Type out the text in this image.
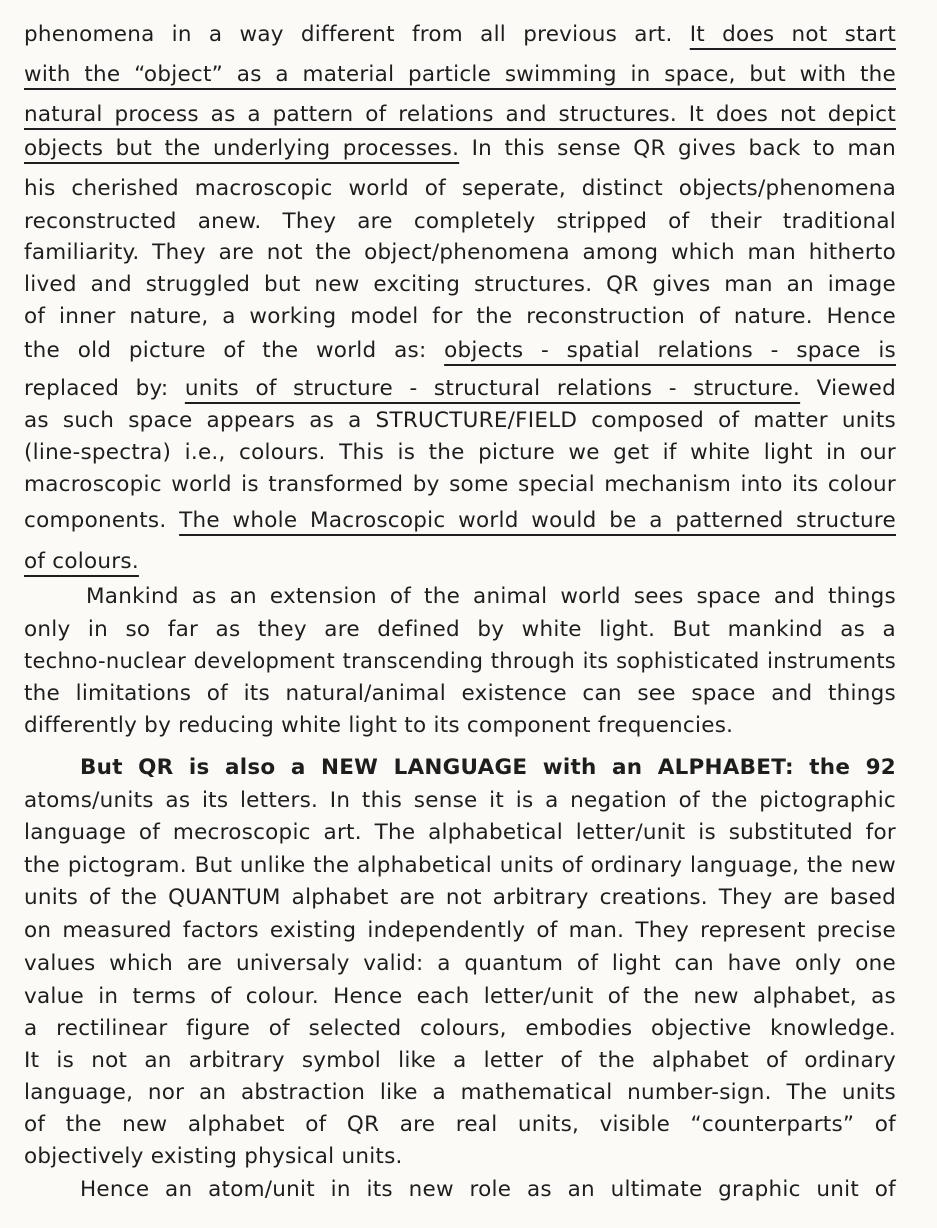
phenomena in a way different from all previous art. It does not start
with the “object” as a material particle swimming in space, but with the
natural process as a pattern of relations and structures. It does not depict
objects but the underlying processes. In this sense QR gives back to man
his cherished macroscopic world of seperate, distinct objects/phenomena
reconstructed anew. They are completely stripped of their traditional
familiarity. They are not the object/phenomena among which man hitherto
lived and struggled but new exciting structures. QR gives man an image
of inner nature, a working model for the reconstruction of nature. Hence
the old picture of the world as: objects - spatial relations - space is
replaced by: units of structure - structural relations - structure. Viewed
as such space appears as a STRUCTURE/FIELD composed of matter units
(line-spectra) i.e., colours. This is the picture we get if white light in our
macroscopic world is transformed by some special mechanism into its colour
components. The whole Macroscopic world would be a patterned structure
of colours.
Mankind as an extension of the animal world sees space and things
only in so far as they are defined by white light. But mankind as a
techno-nuclear development transcending through its sophisticated instruments
the limitations of its natural/animal existence can see space and things
differently by reducing white light to its component frequencies.
But QR is also a NEW LANGUAGE with an ALPHABET: the 92
atoms/units as its letters. In this sense it is a negation of the pictographic
language of mecroscopic art. The alphabetical letter/unit is substituted for
the pictogram. But unlike the alphabetical units of ordinary language, the new
units of the QUANTUM alphabet are not arbitrary creations. They are based
on measured factors existing independently of man. They represent precise
values which are universaly valid: a quantum of light can have only one
value in terms of colour. Hence each letter/unit of the new alphabet, as
a rectilinear figure of selected colours, embodies objective knowledge.
It is not an arbitrary symbol like a letter of the alphabet of ordinary
language, nor an abstraction like a mathematical number-sign. The units
of the new alphabet of QR are real units, visible “counterparts” of
objectively existing physical units.
Hence an atom/unit in its new role as an ultimate graphic unit of
